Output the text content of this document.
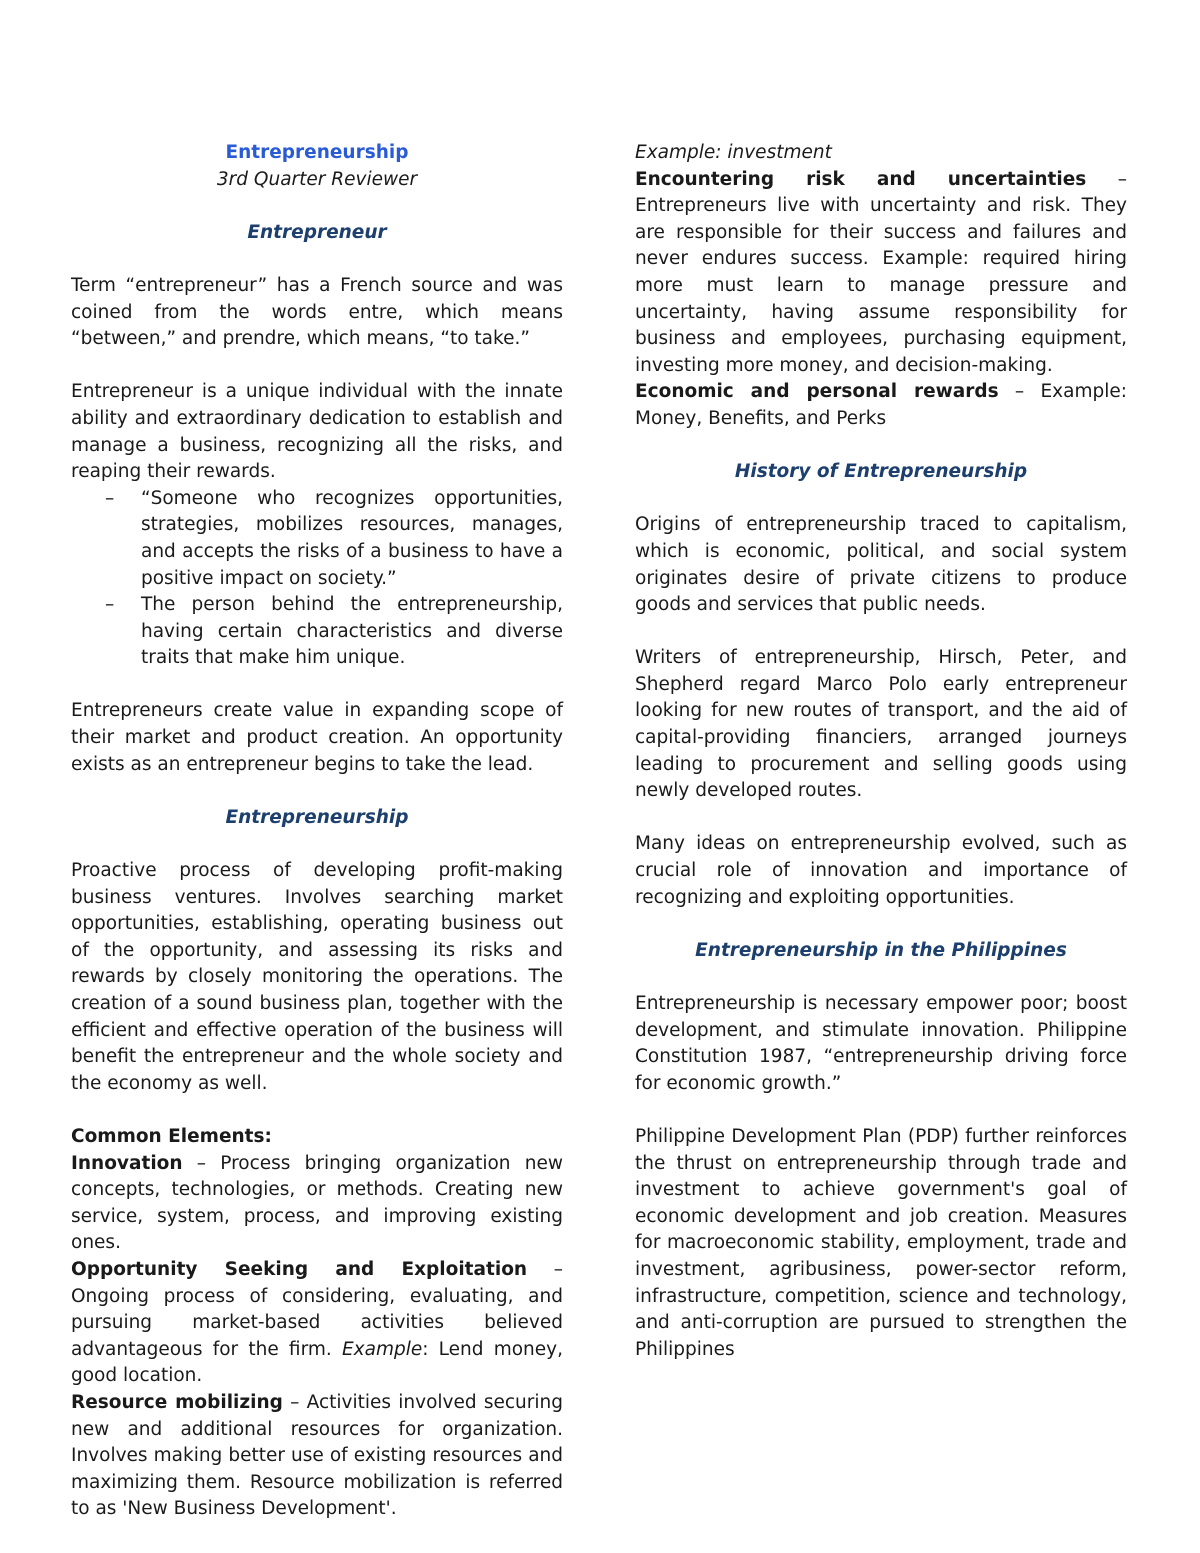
Entrepreneurship

3rd Quarter Reviewer

Entrepreneur

Term “entrepreneur” has a French source and was coined from the words entre, which means “between,” and prendre, which means, “to take.”

Entrepreneur is a unique individual with the innate ability and extraordinary dedication to establish and manage a business, recognizing all the risks, and reaping their rewards.

– “Someone who recognizes opportunities, strategies, mobilizes resources, manages, and accepts the risks of a business to have a positive impact on society.”
– The person behind the entrepreneurship, having certain characteristics and diverse traits that make him unique.

Entrepreneurs create value in expanding scope of their market and product creation. An opportunity exists as an entrepreneur begins to take the lead.

Entrepreneurship

Proactive process of developing profit-making business ventures. Involves searching market opportunities, establishing, operating business out of the opportunity, and assessing its risks and rewards by closely monitoring the operations. The creation of a sound business plan, together with the efficient and effective operation of the business will benefit the entrepreneur and the whole society and the economy as well.

Common Elements:

Innovation – Process bringing organization new concepts, technologies, or methods. Creating new service, system, process, and improving existing ones.

Opportunity Seeking and Exploitation – Ongoing process of considering, evaluating, and pursuing market-based activities believed advantageous for the firm. Example: Lend money, good location.

Resource mobilizing – Activities involved securing new and additional resources for organization. Involves making better use of existing resources and maximizing them. Resource mobilization is referred to as 'New Business Development'.

Example: investment

Encountering risk and uncertainties – Entrepreneurs live with uncertainty and risk. They are responsible for their success and failures and never endures success. Example: required hiring more must learn to manage pressure and uncertainty, having assume responsibility for business and employees, purchasing equipment, investing more money, and decision-making.

Economic and personal rewards – Example: Money, Benefits, and Perks

History of Entrepreneurship

Origins of entrepreneurship traced to capitalism, which is economic, political, and social system originates desire of private citizens to produce goods and services that public needs.

Writers of entrepreneurship, Hirsch, Peter, and Shepherd regard Marco Polo early entrepreneur looking for new routes of transport, and the aid of capital-providing financiers, arranged journeys leading to procurement and selling goods using newly developed routes.

Many ideas on entrepreneurship evolved, such as crucial role of innovation and importance of recognizing and exploiting opportunities.

Entrepreneurship in the Philippines

Entrepreneurship is necessary empower poor; boost development, and stimulate innovation. Philippine Constitution 1987, “entrepreneurship driving force for economic growth.”

Philippine Development Plan (PDP) further reinforces the thrust on entrepreneurship through trade and investment to achieve government's goal of economic development and job creation. Measures for macroeconomic stability, employment, trade and investment, agribusiness, power-sector reform, infrastructure, competition, science and technology, and anti-corruption are pursued to strengthen the Philippines
